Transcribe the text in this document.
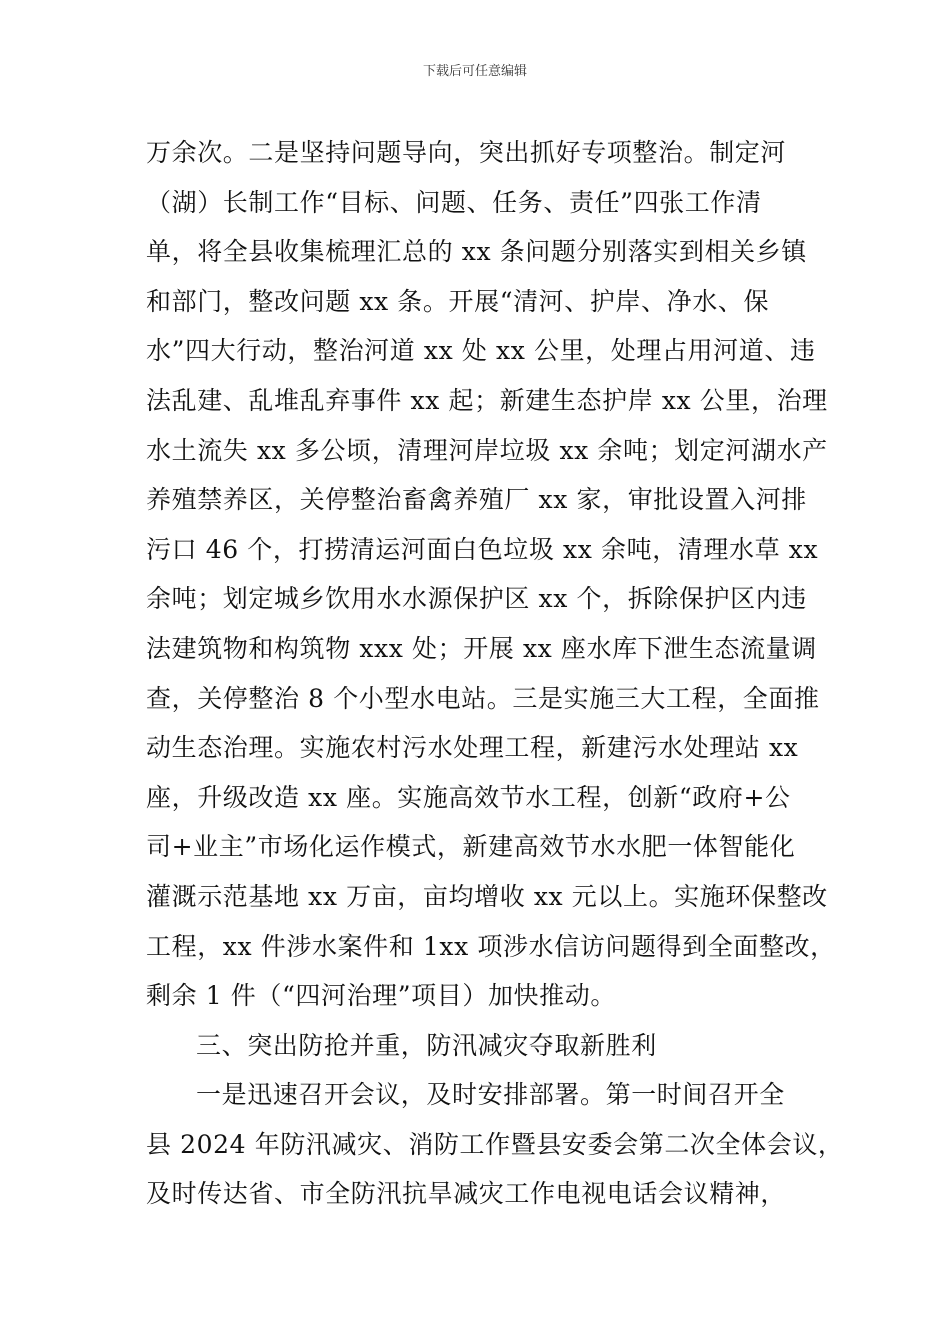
下载后可任意编辑
万余次。二是坚持问题导向，突出抓好专项整治。制定河
（湖）长制工作“目标、问题、任务、责任”四张工作清
单，将全县收集梳理汇总的 xx 条问题分别落实到相关乡镇
和部门，整改问题 xx 条。开展“清河、护岸、净水、保
水”四大行动，整治河道 xx 处 xx 公里，处理占用河道、违
法乱建、乱堆乱弃事件 xx 起；新建生态护岸 xx 公里，治理
水土流失 xx 多公顷，清理河岸垃圾 xx 余吨；划定河湖水产
养殖禁养区，关停整治畜禽养殖厂 xx 家，审批设置入河排
污口 46 个，打捞清运河面白色垃圾 xx 余吨，清理水草 xx
余吨；划定城乡饮用水水源保护区 xx 个，拆除保护区内违
法建筑物和构筑物 xxx 处；开展 xx 座水库下泄生态流量调
查，关停整治 8 个小型水电站。三是实施三大工程，全面推
动生态治理。实施农村污水处理工程，新建污水处理站 xx
座，升级改造 xx 座。实施高效节水工程，创新“政府+公
司+业主”市场化运作模式，新建高效节水水肥一体智能化
灌溉示范基地 xx 万亩，亩均增收 xx 元以上。实施环保整改
工程，xx 件涉水案件和 1xx 项涉水信访问题得到全面整改，
剩余 1 件（“四河治理”项目）加快推动。
三、突出防抢并重，防汛减灾夺取新胜利
一是迅速召开会议，及时安排部署。第一时间召开全
县 2024 年防汛减灾、消防工作暨县安委会第二次全体会议，
及时传达省、市全防汛抗旱减灾工作电视电话会议精神，
